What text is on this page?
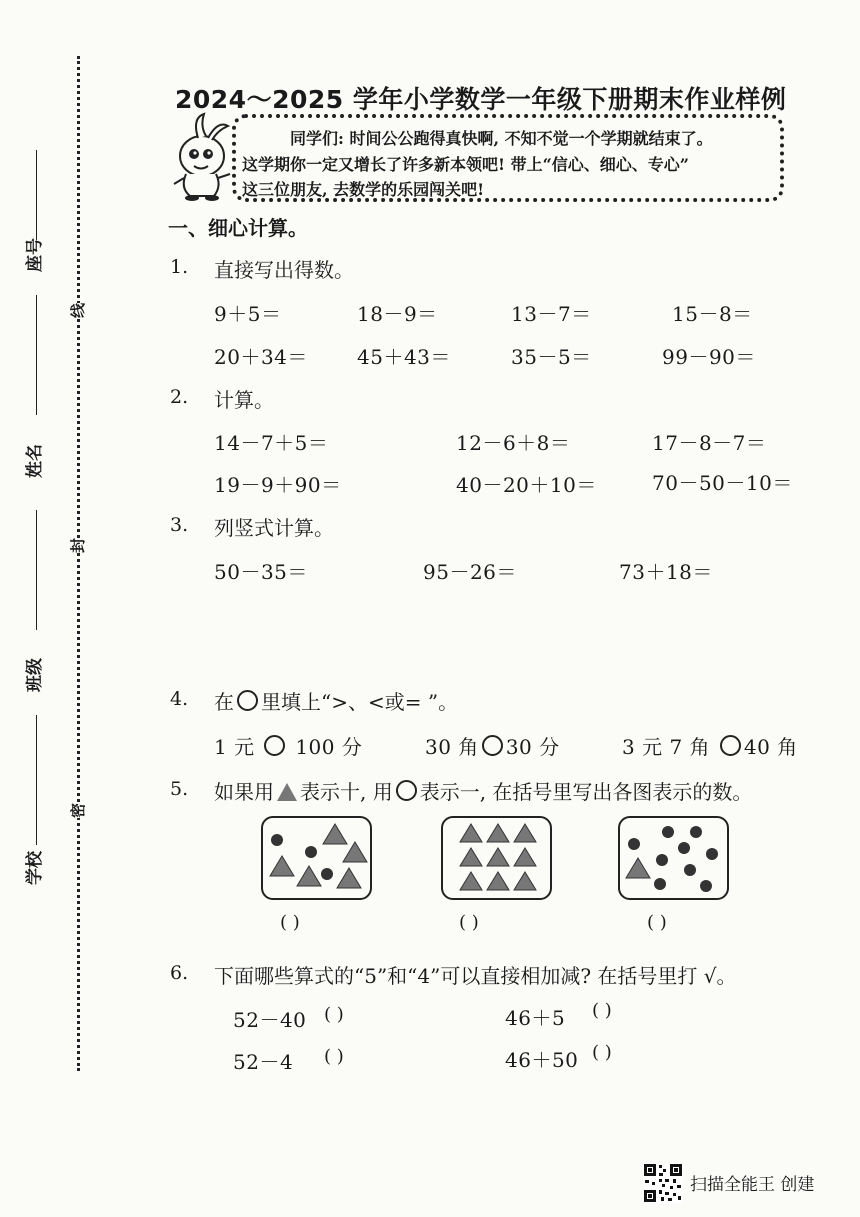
座号
姓名
班级
学校
线
封
密
2024～2025 学年小学数学一年级下册期末作业样例
同学们: 时间公公跑得真快啊, 不知不觉一个学期就结束了。
这学期你一定又增长了许多新本领吧! 带上“信心、细心、专心”
这三位朋友, 去数学的乐园闯关吧!
一、细心计算。
1. 直接写出得数。
9＋5＝	18－9＝	13－7＝	15－8＝
20＋34＝ 45＋43＝	35－5＝	99－90＝
2. 计算。
14－7＋5＝	12－6＋8＝	17－8－7＝
19－9＋90＝	40－20＋10＝	70－50－10＝
3. 列竖式计算。
50－35＝	95－26＝	73＋18＝
4. 在 里填上“>、<或= ”。
1 元 100 分	30 角 30 分	3 元 7 角 40 角
5. 如果用 表示十, 用 表示一, 在括号里写出各图表示的数。
( )	( )	( )
6. 下面哪些算式的“5”和“4”可以直接相加减? 在括号里打 √。
52－40 ( )	46＋5 ( )
52－4 ( )	46＋50 ( )
扫描全能王 创建
